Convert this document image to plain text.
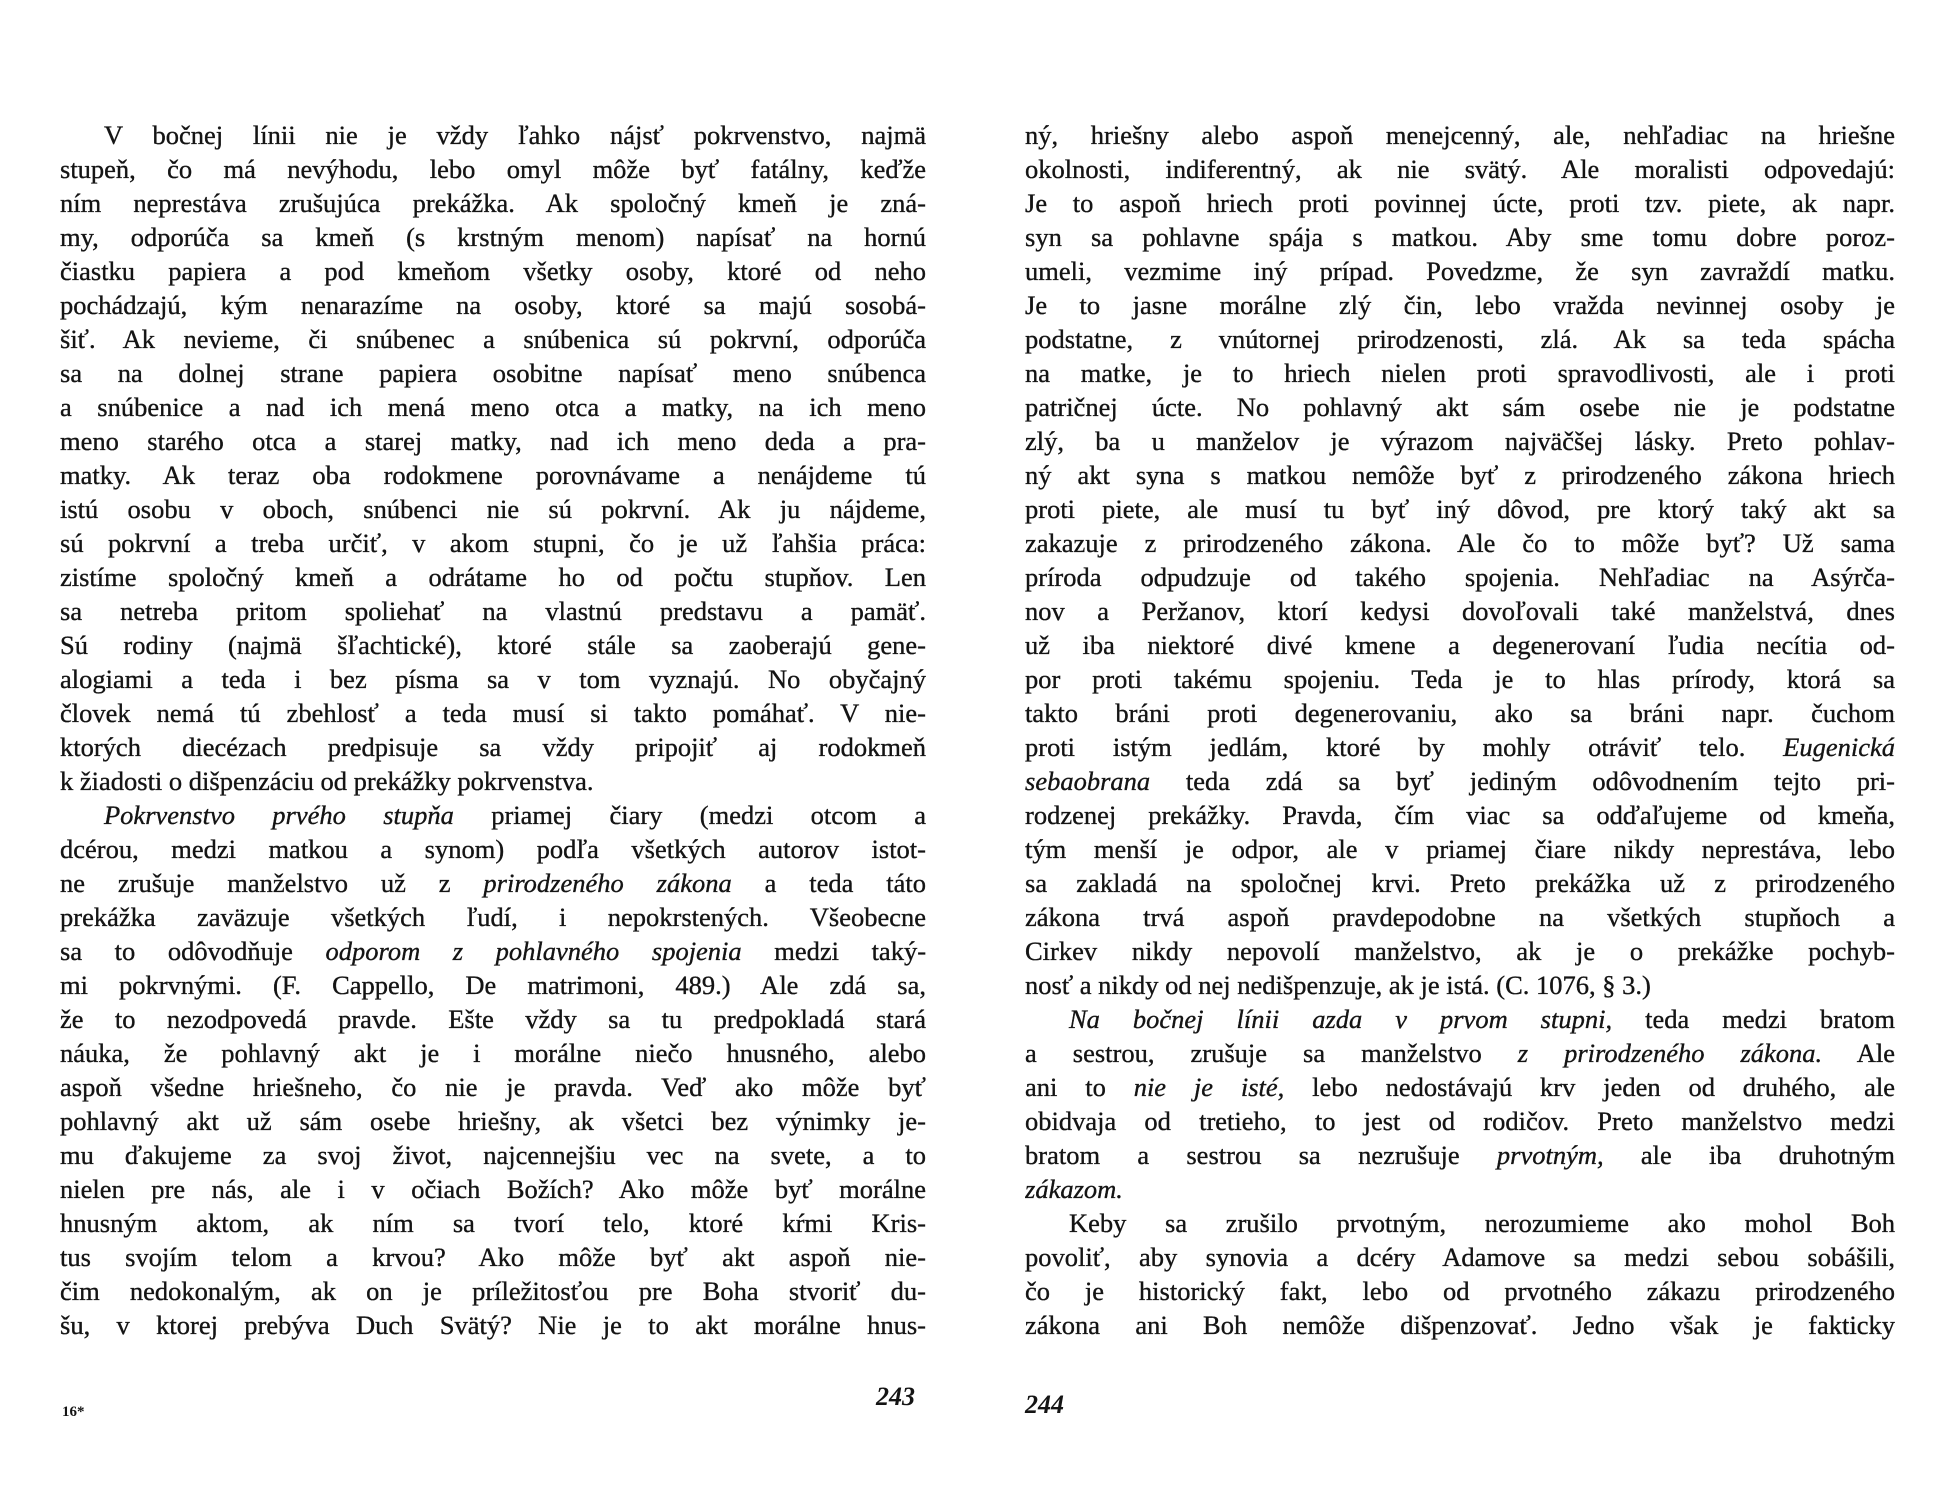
V bočnej línii nie je vždy ľahko nájsť pokrvenstvo, najmä
stupeň, čo má nevýhodu, lebo omyl môže byť fatálny, keďže
ním neprestáva zrušujúca prekážka. Ak spoločný kmeň je zná-
my, odporúča sa kmeň (s krstným menom) napísať na hornú
čiastku papiera a pod kmeňom všetky osoby, ktoré od neho
pochádzajú, kým nenarazíme na osoby, ktoré sa majú sosobá-
šiť. Ak nevieme, či snúbenec a snúbenica sú pokrvní, odporúča
sa na dolnej strane papiera osobitne napísať meno snúbenca
a snúbenice a nad ich mená meno otca a matky, na ich meno
meno starého otca a starej matky, nad ich meno deda a pra-
matky. Ak teraz oba rodokmene porovnávame a nenájdeme tú
istú osobu v oboch, snúbenci nie sú pokrvní. Ak ju nájdeme,
sú pokrvní a treba určiť, v akom stupni, čo je už ľahšia práca:
zistíme spoločný kmeň a odrátame ho od počtu stupňov. Len
sa netreba pritom spoliehať na vlastnú predstavu a pamäť.
Sú rodiny (najmä šľachtické), ktoré stále sa zaoberajú gene-
alogiami a teda i bez písma sa v tom vyznajú. No obyčajný
človek nemá tú zbehlosť a teda musí si takto pomáhať. V nie-
ktorých diecézach predpisuje sa vždy pripojiť aj rodokmeň
k žiadosti o dišpenzáciu od prekážky pokrvenstva.
Pokrvenstvo prvého stupňa priamej čiary (medzi otcom a
dcérou, medzi matkou a synom) podľa všetkých autorov istot-
ne zrušuje manželstvo už z prirodzeného zákona a teda táto
prekážka zaväzuje všetkých ľudí, i nepokrstených. Všeobecne
sa to odôvodňuje odporom z pohlavného spojenia medzi taký-
mi pokrvnými. (F. Cappello, De matrimoni, 489.) Ale zdá sa,
že to nezodpovedá pravde. Ešte vždy sa tu predpokladá stará
náuka, že pohlavný akt je i morálne niečo hnusného, alebo
aspoň všedne hriešneho, čo nie je pravda. Veď ako môže byť
pohlavný akt už sám osebe hriešny, ak všetci bez výnimky je-
mu ďakujeme za svoj život, najcennejšiu vec na svete, a to
nielen pre nás, ale i v očiach Božích? Ako môže byť morálne
hnusným aktom, ak ním sa tvorí telo, ktoré kŕmi Kris-
tus svojím telom a krvou? Ako môže byť akt aspoň nie-
čim nedokonalým, ak on je príležitosťou pre Boha stvoriť du-
šu, v ktorej prebýva Duch Svätý? Nie je to akt morálne hnus-
ný, hriešny alebo aspoň menejcenný, ale, nehľadiac na hriešne
okolnosti, indiferentný, ak nie svätý. Ale moralisti odpovedajú:
Je to aspoň hriech proti povinnej úcte, proti tzv. piete, ak napr.
syn sa pohlavne spája s matkou. Aby sme tomu dobre poroz-
umeli, vezmime iný prípad. Povedzme, že syn zavraždí matku.
Je to jasne morálne zlý čin, lebo vražda nevinnej osoby je
podstatne, z vnútornej prirodzenosti, zlá. Ak sa teda spácha
na matke, je to hriech nielen proti spravodlivosti, ale i proti
patričnej úcte. No pohlavný akt sám osebe nie je podstatne
zlý, ba u manželov je výrazom najväčšej lásky. Preto pohlav-
ný akt syna s matkou nemôže byť z prirodzeného zákona hriech
proti piete, ale musí tu byť iný dôvod, pre ktorý taký akt sa
zakazuje z prirodzeného zákona. Ale čo to môže byť? Už sama
príroda odpudzuje od takého spojenia. Nehľadiac na Asýrča-
nov a Peržanov, ktorí kedysi dovoľovali také manželstvá, dnes
už iba niektoré divé kmene a degenerovaní ľudia necítia od-
por proti takému spojeniu. Teda je to hlas prírody, ktorá sa
takto bráni proti degenerovaniu, ako sa bráni napr. čuchom
proti istým jedlám, ktoré by mohly otráviť telo. Eugenická
sebaobrana teda zdá sa byť jediným odôvodnením tejto pri-
rodzenej prekážky. Pravda, čím viac sa odďaľujeme od kmeňa,
tým menší je odpor, ale v priamej čiare nikdy neprestáva, lebo
sa zakladá na spoločnej krvi. Preto prekážka už z prirodzeného
zákona trvá aspoň pravdepodobne na všetkých stupňoch a
Cirkev nikdy nepovolí manželstvo, ak je o prekážke pochyb-
nosť a nikdy od nej nedišpenzuje, ak je istá. (C. 1076, § 3.)
Na bočnej línii azda v prvom stupni, teda medzi bratom
a sestrou, zrušuje sa manželstvo z prirodzeného zákona. Ale
ani to nie je isté, lebo nedostávajú krv jeden od druhého, ale
obidvaja od tretieho, to jest od rodičov. Preto manželstvo medzi
bratom a sestrou sa nezrušuje prvotným, ale iba druhotným
zákazom.
Keby sa zrušilo prvotným, nerozumieme ako mohol Boh
povoliť, aby synovia a dcéry Adamove sa medzi sebou sobášili,
čo je historický fakt, lebo od prvotného zákazu prirodzeného
zákona ani Boh nemôže dišpenzovať. Jedno však je fakticky
16*
243	244
